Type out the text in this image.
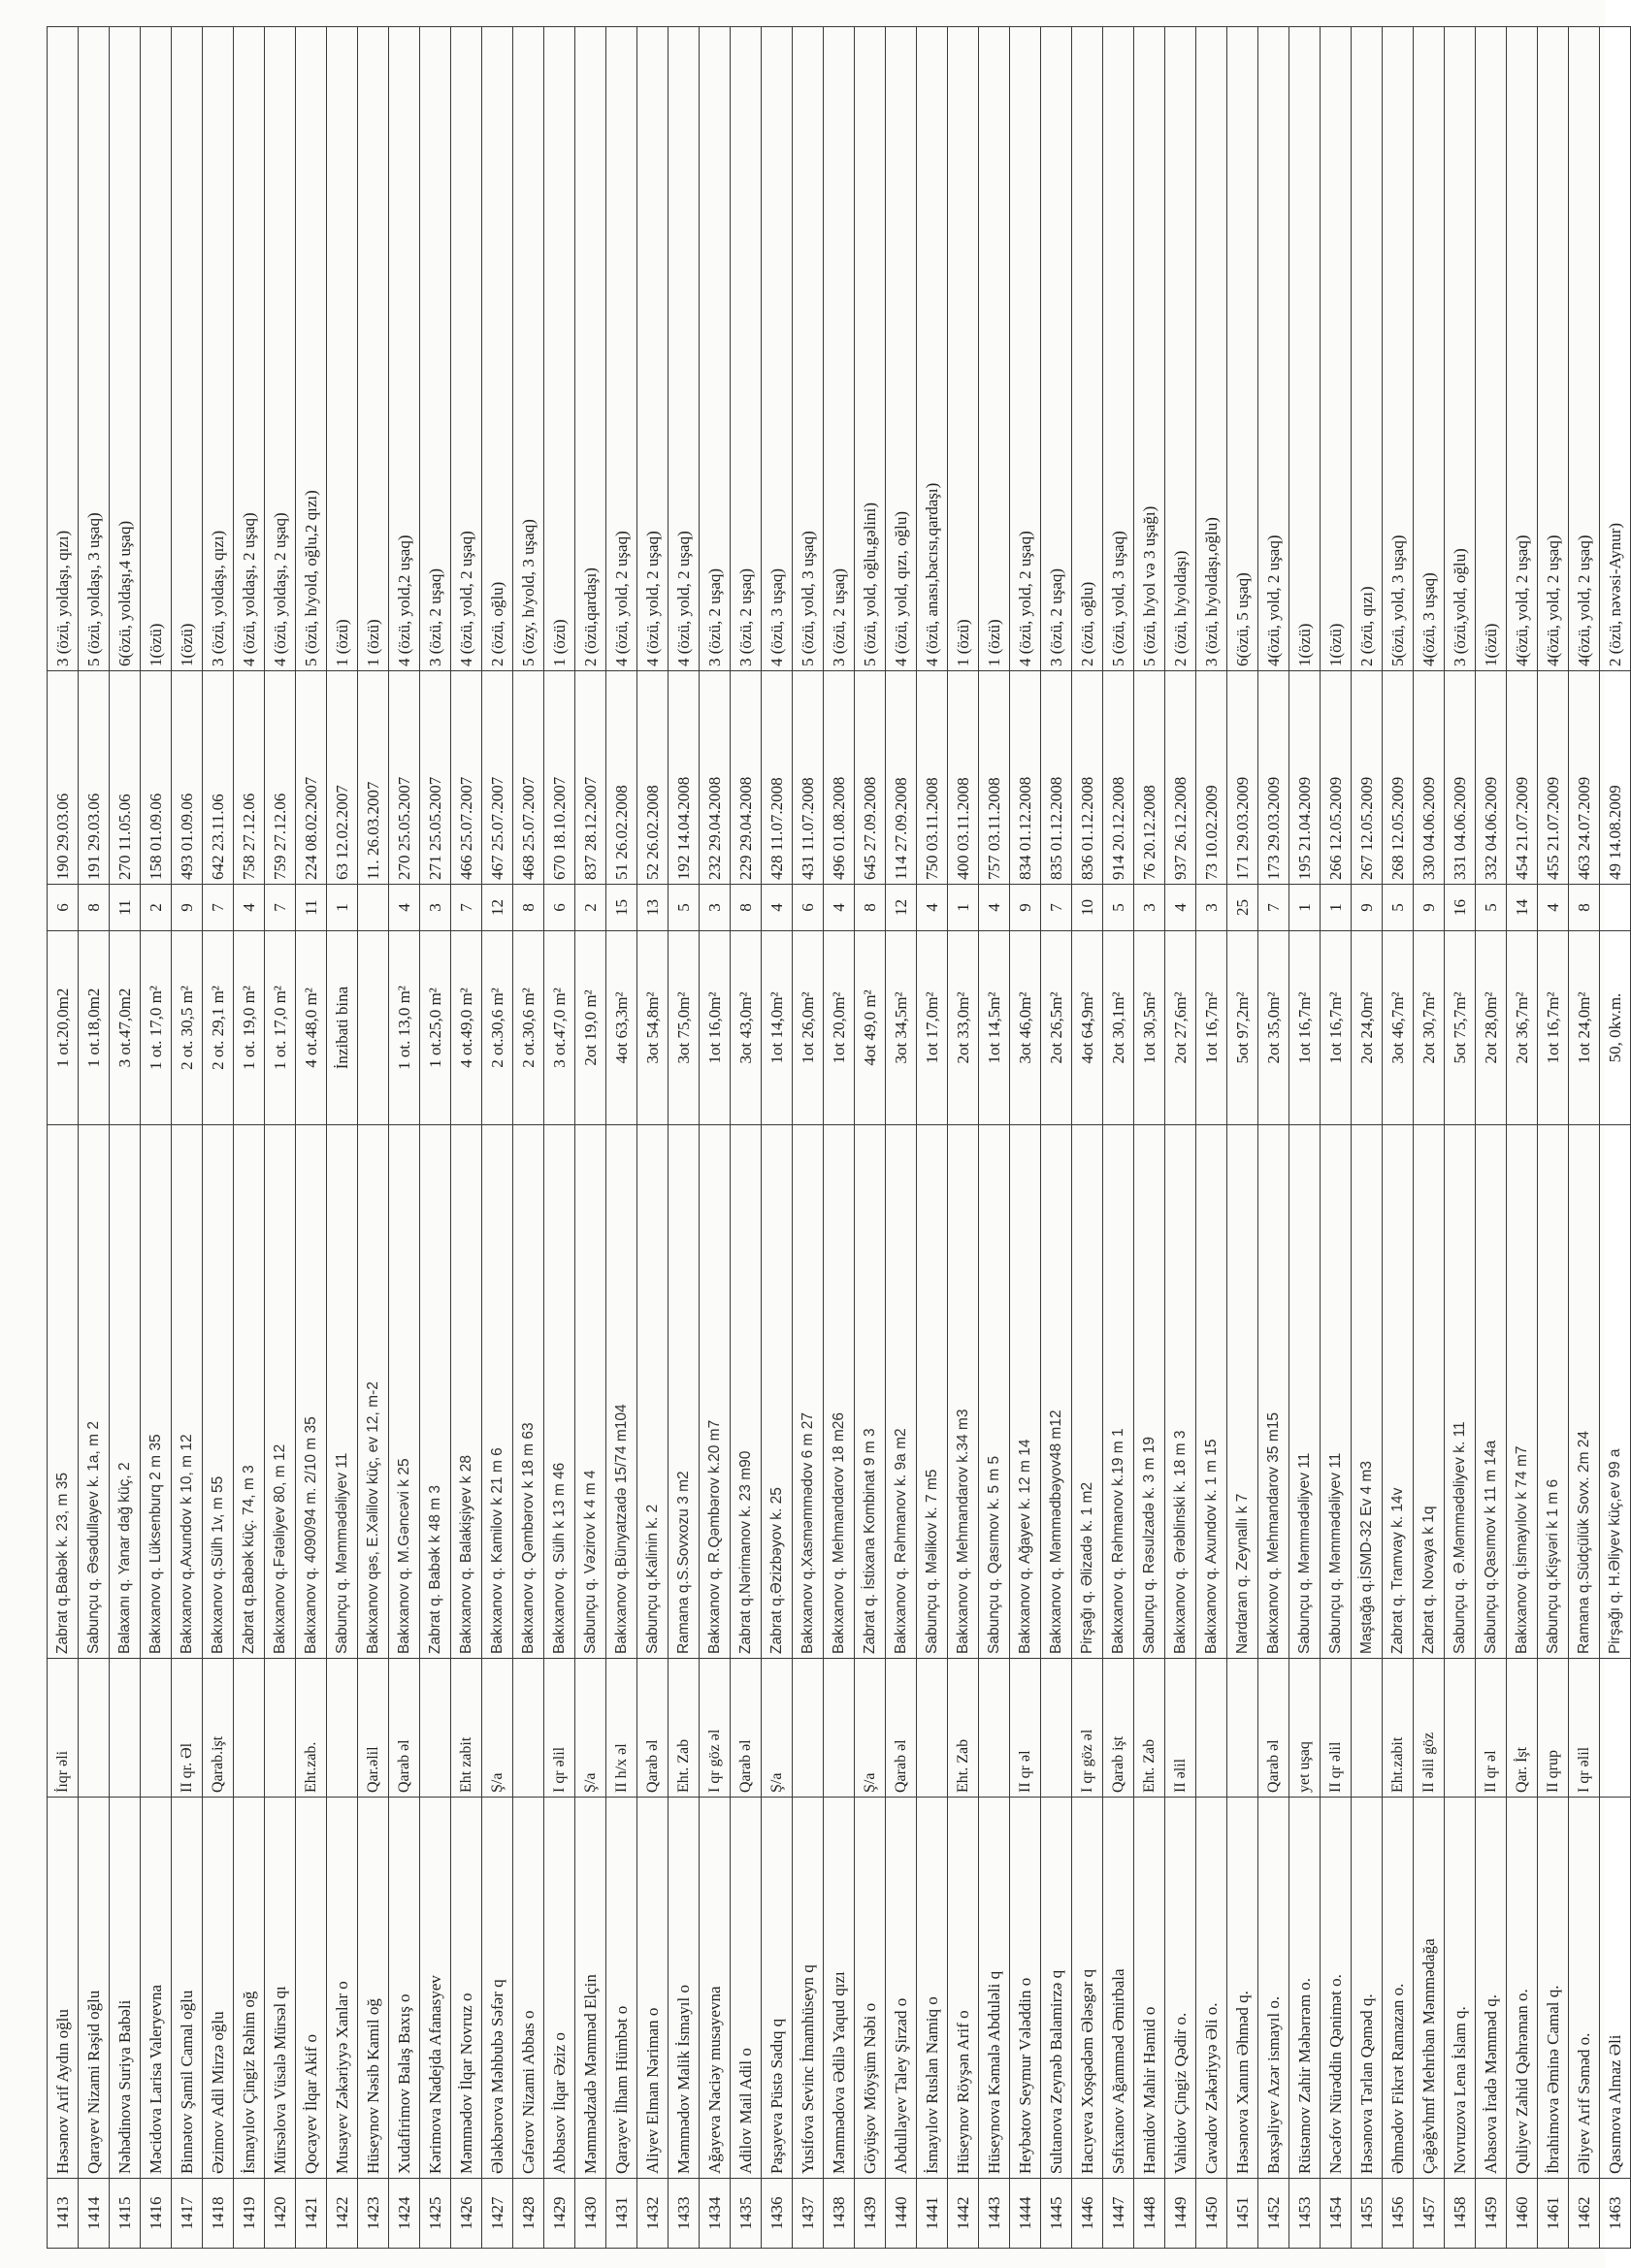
1413	Həsənov Arif Aydın oğlu	İıqr əli	Zabrat q.Babək k. 23, m 35	1 ot.20,0m2	6	190 29.03.06	3 (özü, yoldaşı, qızı)
1414	Qarayev Nizami Rəşid oğlu		Sabunçu q. Əsədullayev k. 1a, m 2	1 ot.18,0m2	8	191 29.03.06	5 (özü, yoldaşı, 3 uşaq)
1415	Nəhədinova Suriya Babəli		Balaxanı q. Yanar dağ küç, 2	3 ot.47,0m2	11	270 11.05.06	6(özü, yoldaşı,4 uşaq)
1416	Məcidova Larisa Valeryevna		Bakıxanov q. Lüksenburq 2 m 35	1 ot. 17,0 m²	2	158 01.09.06	1(özü)
1417	Binnətov Şamil Camal oğlu	II qr. Əl	Bakıxanov q.Axundov k 10, m 12	2 ot. 30,5 m²	9	493 01.09.06	1(özü)
1418	Əzimov Adil Mirzə oğlu	Qarab.işt	Bakıxanov q.Sülh 1v, m 55	2 ot. 29,1 m²	7	642 23.11.06	3 (özü, yoldaşı, qızı)
1419	İsmayılov Çingiz Rəhim oğ		Zabrat q.Babək küç. 74, m 3	1 ot. 19,0 m²	4	758 27.12.06	4 (özü, yoldaşı, 2 uşaq)
1420	Mürsəlova Vüsalə Mürsəl qı		Bakıxanov q.Fətəliyev 80, m 12	1 ot. 17,0 m²	7	759 27.12.06	4 (özü, yoldaşı, 2 uşaq)
1421	Qocayev İlqar Akif o	Eht.zab.	Bakıxanov q. 4090/94 m. 2/10 m 35	4 ot.48,0 m²	11	224 08.02.2007	5 (özü, h/yold, oğlu,2 qızı)
1422	Musayev Zəkəriyyə Xanlar o		Sabunçu q. Məmmədəliyev 11	İnzibati bina	1	63 12.02.2007	1 (özü)
1423	Hüseynov Nəsib Kamil oğ	Qar.əlil	Bakıxanov qəs, E.Xəlilov küç, ev 12, m-2			11. 26.03.2007	1 (özü)
1424	Xudafirimov Balaş Baxış o	Qarab əl	Bakıxanov q. M.Gəncəvi k 25	1 ot. 13,0 m²	4	270 25.05.2007	4 (özü, yold,2 uşaq)
1425	Kərimova Nadejda Afanasyev		Zabrat q. Babək k 48 m 3	1 ot.25,0 m²	3	271 25.05.2007	3 (özü, 2 uşaq)
1426	Məmmədov İlqar Novruz o	Eht zabit	Bakıxanov q. Balakişiyev k 28	4 ot.49,0 m²	7	466 25.07.2007	4 (özü, yold, 2 uşaq)
1427	Ələkbərova Məhbubə Səfər q	Ş/a	Bakıxanov q. Kamilov k 21 m 6	2 ot.30,6 m²	12	467 25.07.2007	2 (özü, oğlu)
1428	Cəfərov Nizami Abbas o		Bakıxanov q. Qəmbərov k 18 m 63	2 ot.30,6 m²	8	468 25.07.2007	5 (özy, h/yold, 3 uşaq)
1429	Abbasov İlqar Əziz o	I qr əlil	Bakıxanov q. Sülh k 13 m 46	3 ot.47,0 m²	6	670 18.10.2007	1 (özü)
1430	Məmmədzadə Məmməd Elçin	Ş/a	Sabunçu q. Vəzirov k 4 m 4	2ot 19,0 m²	2	837 28.12.2007	2 (özü,qardaşı)
1431	Qarayev İlham Hümbət o	II h/x əl	Bakıxanov q.Bünyatzadə 15/74 m104	4ot 63,3m²	15	51 26.02.2008	4 (özü, yold, 2 uşaq)
1432	Aliyev Elman Nəriman o	Qarab əl	Sabunçu q.Kalinin k. 2	3ot 54,8m²	13	52 26.02.2008	4 (özü, yold, 2 uşaq)
1433	Məmmədov Malik İsmayıl o	Eht. Zab	Ramana q.S.Sovxozu 3 m2	3ot 75,0m²	5	192 14.04.2008	4 (özü, yold, 2 uşaq)
1434	Ağayeva Naciəy musayevna	I qr göz əl	Bakıxanov q. R.Qəmbərov k.20 m7	1ot 16,0m²	3	232 29.04.2008	3 (özü, 2 uşaq)
1435	Adilov Mail Adil o	Qarab əl	Zabrat q.Nərimanov k. 23 m90	3ot 43,0m²	8	229 29.04.2008	3 (özü, 2 uşaq)
1436	Paşayeva Püstə Sadıq q	Ş/a	Zabrat q.Əzizbəyov k. 25	1ot 14,0m²	4	428 11.07.2008	4 (özü, 3 uşaq)
1437	Yusifova Sevinc İmamhüseyn q		Bakıxanov q.Xasməmmədov 6 m 27	1ot 26,0m²	6	431 11.07.2008	5 (özü, yold, 3 uşaq)
1438	Məmmədova Ədilə Yaqud qızı		Bakıxanov q. Mehmandarov 18 m26	1ot 20,0m²	4	496 01.08.2008	3 (özü, 2 uşaq)
1439	Göyüşov Möyşüm Nəbi o	Ş/a	Zabrat q. İstixana Kombinat 9 m 3	4ot 49,0 m²	8	645 27.09.2008	5 (özü, yold, oğlu,gəlini)
1440	Abdullayev Taley Şirzad o	Qarab əl	Bakıxanov q. Rəhmanov k. 9a m2	3ot 34,5m²	12	114 27.09.2008	4 (özü, yold, qızı, oğlu)
1441	İsmayılov Ruslan Namiq o		Sabunçu q. Məlikov k. 7 m5	1ot 17,0m²	4	750 03.11.2008	4 (özü, anası,bacısı,qardaşı)
1442	Hüseynov Röyşən Arif o	Eht. Zab	Bakıxanov q. Mehmandarov k.34 m3	2ot 33,0m²	1	400 03.11.2008	1 (özü)
1443	Hüseynova Kəmalə Abduləli q		Sabunçu q. Qasımov k. 5 m 5	1ot 14,5m²	4	757 03.11.2008	1 (özü)
1444	Heybətov Seymur Vəlәddin o	II qr əl	Bakıxanov q. Ağayev k. 12 m 14	3ot 46,0m²	9	834 01.12.2008	4 (özü, yold, 2 uşaq)
1445	Sultanova Zeynəb Balamirzə q		Bakıxanov q. Məmmədbəyov48 m12	2ot 26,5m²	7	835 01.12.2008	3 (özü, 2 uşaq)
1446	Hacıyeva Xoşqədəm Ələsgər q	I qr göz əl	Pirşağı q. Əlizadə k. 1 m2	4ot 64,9m²	10	836 01.12.2008	2 (özü, oğlu)
1447	Səfixanov Ağamməd Əmirbala	Qarab işt	Bakıxanov q. Rəhmanov k.19 m 1	2ot 30,1m²	5	914 20.12.2008	5 (özü, yold, 3 uşaq)
1448	Həmidov Mahir Həmid o	Eht. Zab	Sabunçu q. Rəsulzadə k. 3 m 19	1ot 30,5m²	3	76 20.12.2008	5 (özü, h/yol və 3 uşağı)
1449	Vahidov Çingiz Qədir o.	II əlil	Bakıxanov q. Ərəblinski k. 18 m 3	2ot 27,6m²	4	937 26.12.2008	2 (özü, h/yoldaşı)
1450	Cavadov Zəkəriyyə Əli o.		Bakıxanov q. Axundov k. 1 m 15	1ot 16,7m²	3	73 10.02.2009	3 (özü, h/yoldaşı,oğlu)
1451	Həsənova Xanım Əhməd q.		Nardaran q. Zeynallı k 7	5ot 97,2m²	25	171 29.03.2009	6(özü, 5 uşaq)
1452	Baxşəliyev Azər ismayıl o.	Qarab əl	Bakıxanov q. Mehmandarov 35 m15	2ot 35,0m²	7	173 29.03.2009	4(özü, yold, 2 uşaq)
1453	Rüstəmov Zahir Məhərrəm o.	yet uşaq	Sabunçu q. Məmmədəliyev 11	1ot 16,7m²	1	195 21.04.2009	1(özü)
1454	Nəcəfov Nürəddin Qənimət o.	II qr əlil	Sabunçu q. Məmmədəliyev 11	1ot 16,7m²	1	266 12.05.2009	1(özü)
1455	Həsənova Tərlan Qəməd q.		Maştağa q.İSMD-32 Ev 4 m3	2ot 24,0m²	9	267 12.05.2009	2 (özü, qızı)
1456	Əhmədov Fikrət Ramazan o.	Eht.zabit	Zabrat q. Tramvay k. 14v	3ot 46,7m²	5	268 12.05.2009	5(özü, yold, 3 uşaq)
1457	Çəğəğvhmf Mehriban Məmmədağa	II əlil göz	Zabrat q. Novaya k 1q	2ot 30,7m²	9	330 04.06.2009	4(özü, 3 uşaq)
1458	Novruzova Lena İslam q.		Sabunçu q. Ə.Məmmədəliyev k. 11	5ot 75,7m²	16	331 04.06.2009	3 (özü,yold, oğlu)
1459	Abasova İradə Məmməd q.	II qr əl	Sabunçu q.Qasımov k 11 m 14a	2ot 28,0m²	5	332 04.06.2009	1(özü)
1460	Quliyev Zahid Qəhrəman o.	Qar. İşt	Bakıxanov q.İsmayılov k 74 m7	2ot 36,7m²	14	454 21.07.2009	4(özü, yold, 2 uşaq)
1461	İbrahimova Əminə Camal q.	II qrup	Sabunçu q.Kişvəri k 1 m 6	1ot 16,7m²	4	455 21.07.2009	4(özü, yold, 2 uşaq)
1462	Əliyev Arif Səməd o.	I qr əlil	Ramana q.Südçülük Sovx. 2m 24	1ot 24,0m²	8	463 24.07.2009	4(özü, yold, 2 uşaq)
1463	Qasımova Almaz Əli		Pirşağı q. H.Əliyev küç,ev 99 a	50, 0kv.m.		49 14.08.2009	2 (özü, nəvəsi-Aynur)
